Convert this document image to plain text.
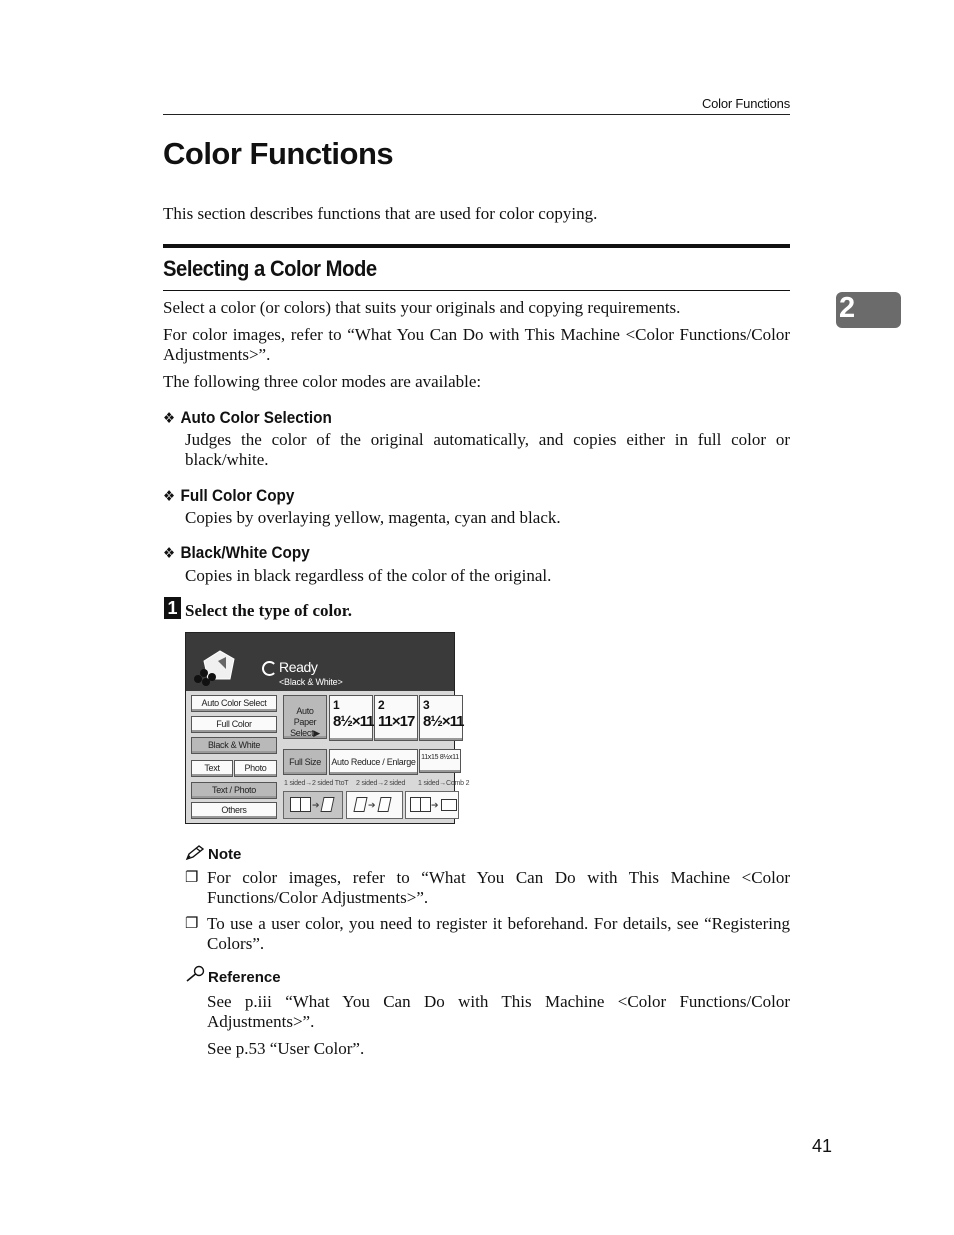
Color Functions
Color Functions
This section describes functions that are used for color copying.
Selecting a Color Mode
Select a color (or colors) that suits your originals and copying requirements.
For color images, refer to “What You Can Do with This Machine <Color Functions/Color Adjustments>”.
The following three color modes are available:
2
❖ Auto Color Selection
Judges the color of the original automatically, and copies either in full color or black/white.
❖ Full Color Copy
Copies by overlaying yellow, magenta, cyan and black.
❖ Black/White Copy
Copies in black regardless of the color of the original.
1 Select the type of color.
Ready
<Black & White>
Auto Color Select
Full Color
Black & White
Text	Photo
Text / Photo
Others
Auto Paper Select▶
1
8½×11
2
11×17
3
8½×11
Full Size	Auto Reduce / Enlarge 11x15 8½x11
1 sided→2 sided TtoT 2 sided→2 sided 1 sided→Comb 2
➔	➔	➔
Note
❐ For color images, refer to “What You Can Do with This Machine <Color Functions/Color Adjustments>”.
❐ To use a user color, you need to register it beforehand. For details, see “Registering Colors”.
Reference
See p.iii “What You Can Do with This Machine <Color Functions/Color Adjustments>”.
See p.53 “User Color”.
41
